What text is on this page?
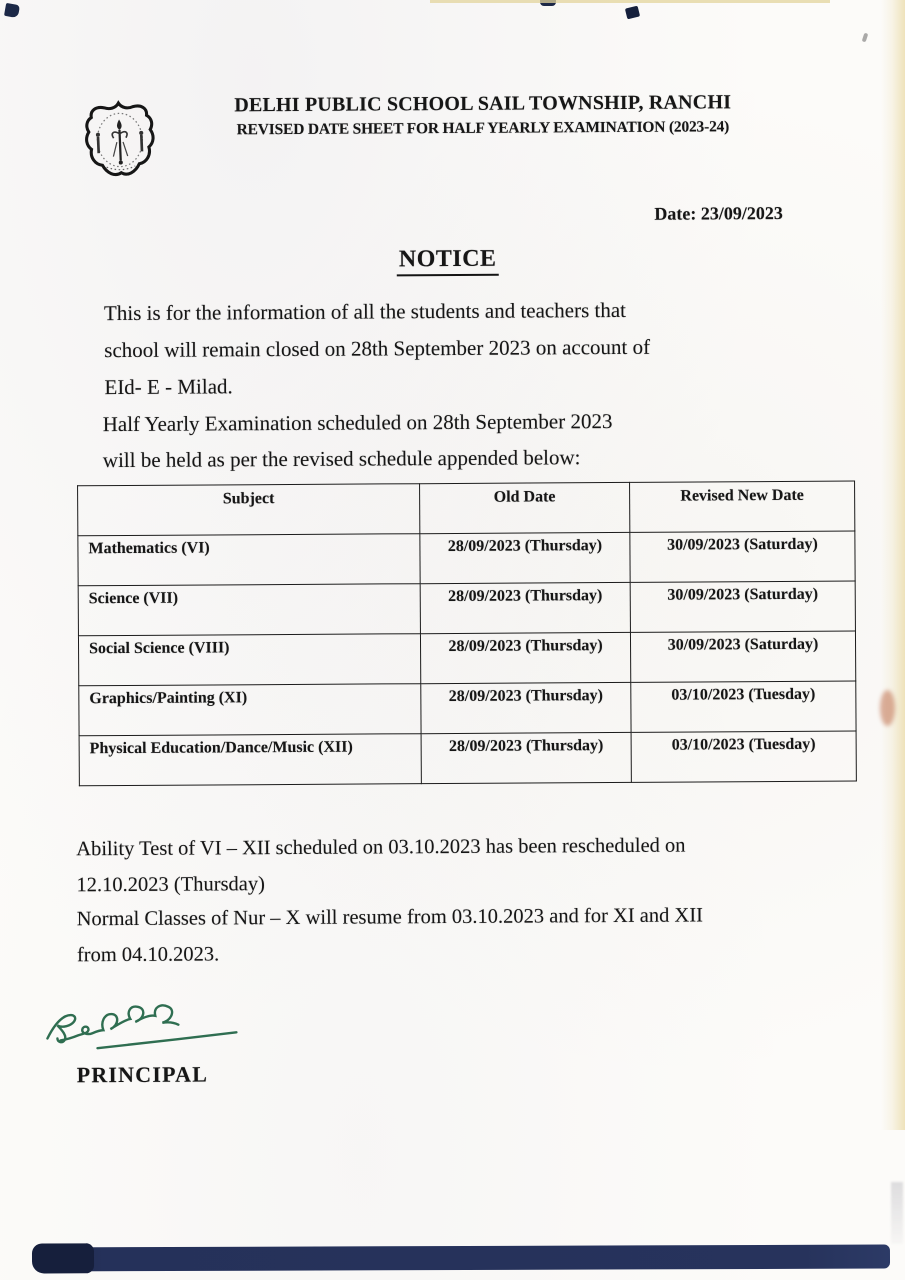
DELHI PUBLIC SCHOOL SAIL TOWNSHIP, RANCHI
REVISED DATE SHEET FOR HALF YEARLY EXAMINATION (2023-24)
Date: 23/09/2023
NOTICE
This is for the information of all the students and teachers that
school will remain closed on 28th September 2023 on account of
EId- E - Milad.
Half Yearly Examination scheduled on 28th September 2023
will be held as per the revised schedule appended below:
Subject	Old Date	Revised New Date
Mathematics (VI)	28/09/2023 (Thursday)	30/09/2023 (Saturday)
Science (VII)	28/09/2023 (Thursday)	30/09/2023 (Saturday)
Social Science (VIII)	28/09/2023 (Thursday)	30/09/2023 (Saturday)
Graphics/Painting (XI)	28/09/2023 (Thursday)	03/10/2023 (Tuesday)
Physical Education/Dance/Music (XII)	28/09/2023 (Thursday)	03/10/2023 (Tuesday)
Ability Test of VI – XII scheduled on 03.10.2023 has been rescheduled on
12.10.2023 (Thursday)
Normal Classes of Nur – X will resume from 03.10.2023 and for XI and XII
from 04.10.2023.
PRINCIPAL
